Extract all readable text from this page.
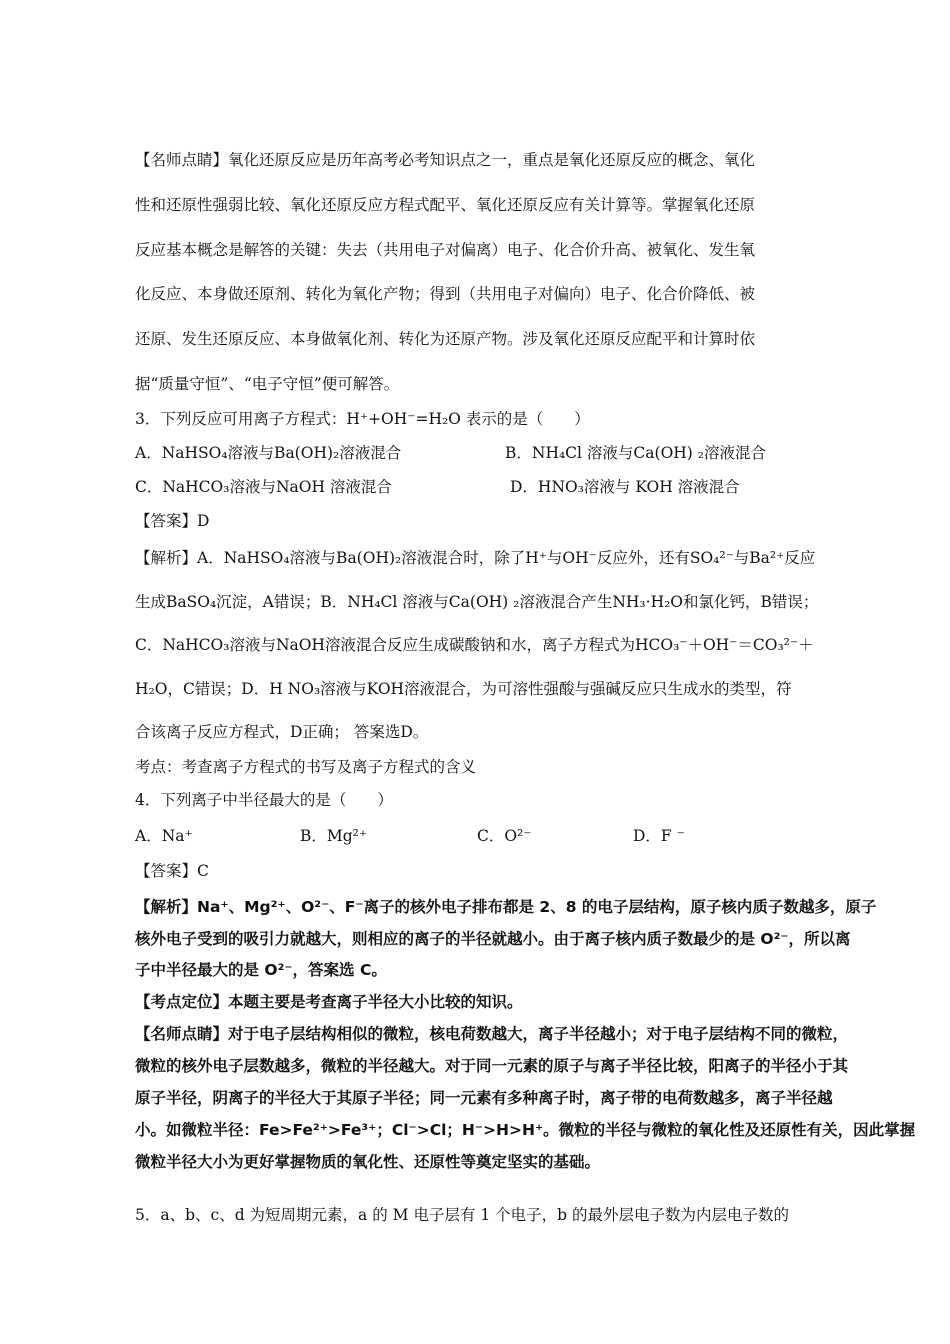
【名师点睛】氧化还原反应是历年高考必考知识点之一，重点是氧化还原反应的概念、氧化
性和还原性强弱比较、氧化还原反应方程式配平、氧化还原反应有关计算等。掌握氧化还原
反应基本概念是解答的关键：失去（共用电子对偏离）电子、化合价升高、被氧化、发生氧
化反应、本身做还原剂、转化为氧化产物；得到（共用电子对偏向）电子、化合价降低、被
还原、发生还原反应、本身做氧化剂、转化为还原产物。涉及氧化还原反应配平和计算时依
据“质量守恒”、“电子守恒”便可解答。
3．下列反应可用离子方程式：H⁺+OH⁻=H₂O 表示的是（　　）
A．NaHSO₄溶液与Ba(OH)₂溶液混合	B．NH₄Cl 溶液与Ca(OH) ₂溶液混合
C．NaHCO₃溶液与NaOH 溶液混合	D．HNO₃溶液与 KOH 溶液混合
【答案】D
【解析】A．NaHSO₄溶液与Ba(OH)₂溶液混合时，除了H⁺与OH⁻反应外，还有SO₄²⁻与Ba²⁺反应
生成BaSO₄沉淀，A错误；B．NH₄Cl 溶液与Ca(OH) ₂溶液混合产生NH₃·H₂O和氯化钙，B错误；
C．NaHCO₃溶液与NaOH溶液混合反应生成碳酸钠和水，离子方程式为HCO₃⁻＋OH⁻＝CO₃²⁻＋
H₂O，C错误；D．H NO₃溶液与KOH溶液混合，为可溶性强酸与强碱反应只生成水的类型，符
合该离子反应方程式，D正确； 答案选D。
考点：考查离子方程式的书写及离子方程式的含义
4．下列离子中半径最大的是（　　）
A．Na⁺	B．Mg²⁺	C．O²⁻	D．F ⁻
【答案】C
【解析】Na⁺、Mg²⁺、O²⁻、F⁻离子的核外电子排布都是 2、8 的电子层结构，原子核内质子数越多，原子
核外电子受到的吸引力就越大，则相应的离子的半径就越小。由于离子核内质子数最少的是 O²⁻，所以离
子中半径最大的是 O²⁻，答案选 C。
【考点定位】本题主要是考查离子半径大小比较的知识。
【名师点睛】对于电子层结构相似的微粒，核电荷数越大，离子半径越小；对于电子层结构不同的微粒，
微粒的核外电子层数越多，微粒的半径越大。对于同一元素的原子与离子半径比较，阳离子的半径小于其
原子半径，阴离子的半径大于其原子半径；同一元素有多种离子时，离子带的电荷数越多，离子半径越
小。如微粒半径：Fe>Fe²⁺>Fe³⁺；Cl⁻>Cl；H⁻>H>H⁺。微粒的半径与微粒的氧化性及还原性有关，因此掌握
微粒半径大小为更好掌握物质的氧化性、还原性等奠定坚实的基础。
5．a、b、c、d 为短周期元素，a 的 M 电子层有 1 个电子，b 的最外层电子数为内层电子数的
